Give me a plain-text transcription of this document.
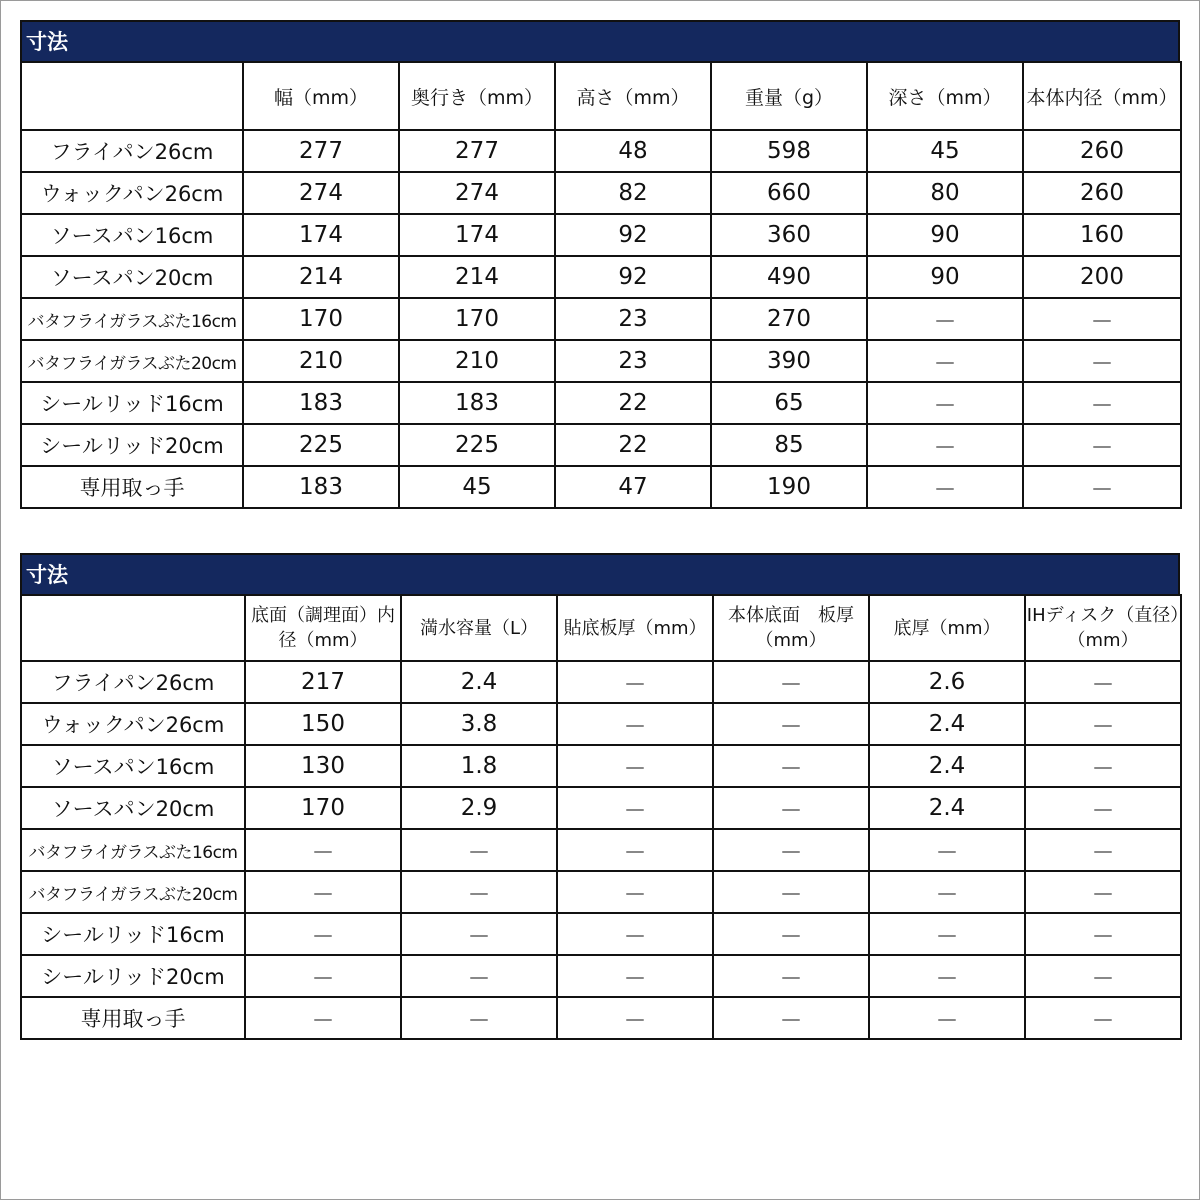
寸法
	幅（mm）	奥行き（mm）	高さ（mm）	重量（g）	深さ（mm）	本体内径（mm）
フライパン26cm	277	277	48	598	45	260
ウォックパン26cm	274	274	82	660	80	260
ソースパン16cm	174	174	92	360	90	160
ソースパン20cm	214	214	92	490	90	200
バタフライガラスぶた16cm	170	170	23	270	－	－
バタフライガラスぶた20cm	210	210	23	390	－	－
シールリッド16cm	183	183	22	65	－	－
シールリッド20cm	225	225	22	85	－	－
専用取っ手	183	45	47	190	－	－
寸法
	底面（調理面）内径（mm）	満水容量（L）	貼底板厚（mm）	本体底面　板厚（mm）	底厚（mm）	IHディスク（直径）（mm）
フライパン26cm	217	2.4	－	－	2.6	－
ウォックパン26cm	150	3.8	－	－	2.4	－
ソースパン16cm	130	1.8	－	－	2.4	－
ソースパン20cm	170	2.9	－	－	2.4	－
バタフライガラスぶた16cm	－	－	－	－	－	－
バタフライガラスぶた20cm	－	－	－	－	－	－
シールリッド16cm	－	－	－	－	－	－
シールリッド20cm	－	－	－	－	－	－
専用取っ手	－	－	－	－	－	－
